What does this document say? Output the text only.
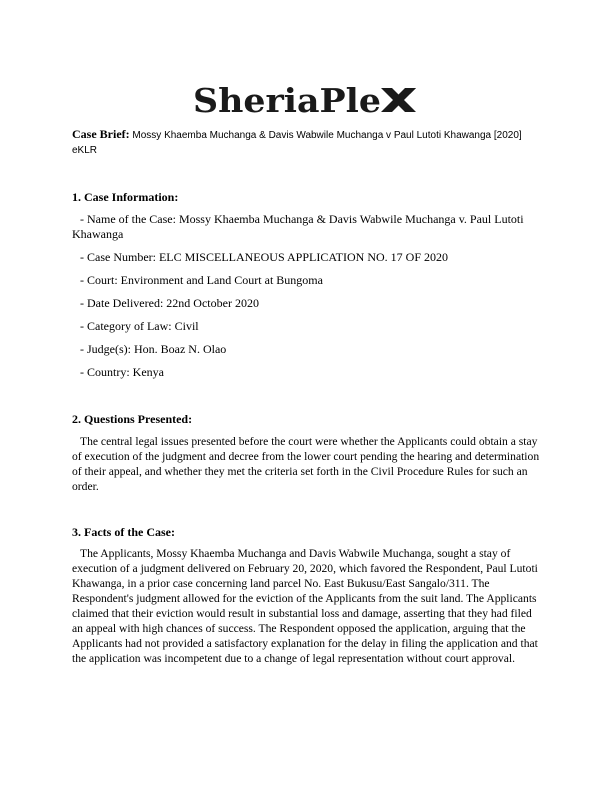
SheriaPle
Case Brief: Mossy Khaemba Muchanga & Davis Wabwile Muchanga v Paul Lutoti Khawanga [2020] eKLR
1. Case Information:

- Name of the Case: Mossy Khaemba Muchanga & Davis Wabwile Muchanga v. Paul Lutoti

Khawanga

- Case Number: ELC MISCELLANEOUS APPLICATION NO. 17 OF 2020

- Court: Environment and Land Court at Bungoma

- Date Delivered: 22nd October 2020

- Category of Law: Civil

- Judge(s): Hon. Boaz N. Olao

- Country: Kenya

2. Questions Presented:

The central legal issues presented before the court were whether the Applicants could obtain a stay of execution of the judgment and decree from the lower court pending the hearing and determination of their appeal, and whether they met the criteria set forth in the Civil Procedure Rules for such an order.

3. Facts of the Case:

The Applicants, Mossy Khaemba Muchanga and Davis Wabwile Muchanga, sought a stay of execution of a judgment delivered on February 20, 2020, which favored the Respondent, Paul Lutoti Khawanga, in a prior case concerning land parcel No. East Bukusu/East Sangalo/311. The Respondent's judgment allowed for the eviction of the Applicants from the suit land. The Applicants claimed that their eviction would result in substantial loss and damage, asserting that they had filed an appeal with high chances of success. The Respondent opposed the application, arguing that the Applicants had not provided a satisfactory explanation for the delay in filing the application and that the application was incompetent due to a change of legal representation without court approval.
